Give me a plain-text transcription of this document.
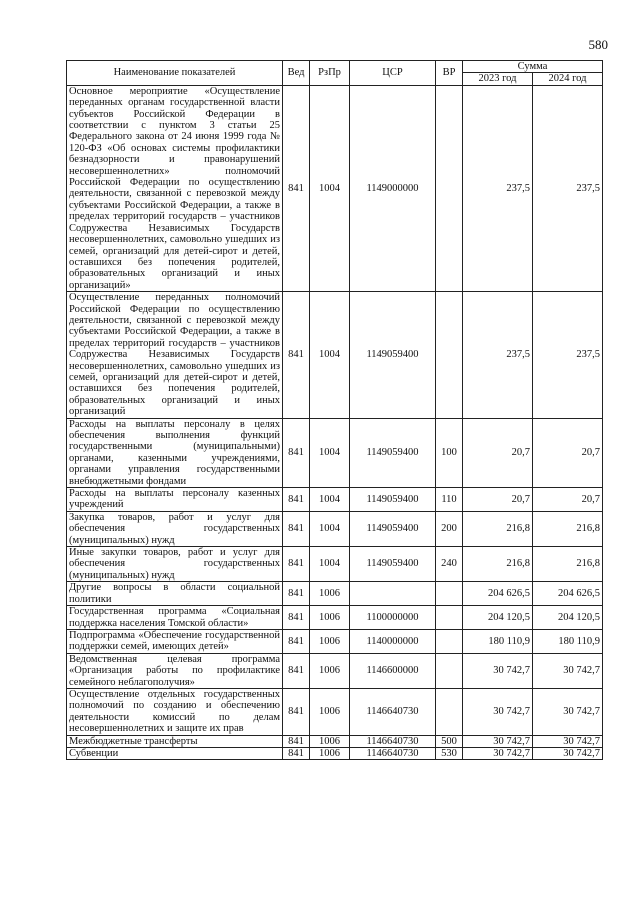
580
Наименование показателей	Вед	РзПр	ЦСР	ВР	Сумма	
					2023 год	2024 год
Основное мероприятие «Осуществление переданных органам государственной власти субъектов Российской Федерации в соответствии с пунктом 3 статьи 25 Федерального закона от 24 июня 1999 года № 120-ФЗ «Об основах системы профилактики безнадзорности и правонарушений несовершеннолетних» полномочий Российской Федерации по осуществлению деятельности, связанной с перевозкой между субъектами Российской Федерации, а также в пределах территорий государств – участников Содружества Независимых Государств несовершеннолетних, самовольно ушедших из семей, организаций для детей-сирот и детей, оставшихся без попечения родителей, образовательных организаций и иных организаций»	841	1004	1149000000		237,5	237,5
Осуществление переданных полномочий Российской Федерации по осуществлению деятельности, связанной с перевозкой между субъектами Российской Федерации, а также в пределах территорий государств – участников Содружества Независимых Государств несовершеннолетних, самовольно ушедших из семей, организаций для детей-сирот и детей, оставшихся без попечения родителей, образовательных организаций и иных организаций	841	1004	1149059400		237,5	237,5
Расходы на выплаты персоналу в целях обеспечения выполнения функций государственными (муниципальными) органами, казенными учреждениями, органами управления государственными внебюджетными фондами	841	1004	1149059400	100	20,7	20,7
Расходы на выплаты персоналу казенных учреждений	841	1004	1149059400	110	20,7	20,7
Закупка товаров, работ и услуг для обеспечения государственных (муниципальных) нужд	841	1004	1149059400	200	216,8	216,8
Иные закупки товаров, работ и услуг для обеспечения государственных (муниципальных) нужд	841	1004	1149059400	240	216,8	216,8
Другие вопросы в области социальной политики	841	1006			204 626,5	204 626,5
Государственная программа «Социальная поддержка населения Томской области»	841	1006	1100000000		204 120,5	204 120,5
Подпрограмма «Обеспечение государственной поддержки семей, имеющих детей»	841	1006	1140000000		180 110,9	180 110,9
Ведомственная целевая программа «Организация работы по профилактике семейного неблагополучия»	841	1006	1146600000		30 742,7	30 742,7
Осуществление отдельных государственных полномочий по созданию и обеспечению деятельности комиссий по делам несовершеннолетних и защите их прав	841	1006	1146640730		30 742,7	30 742,7
Межбюджетные трансферты	841	1006	1146640730	500	30 742,7	30 742,7
Субвенции	841	1006	1146640730	530	30 742,7	30 742,7
